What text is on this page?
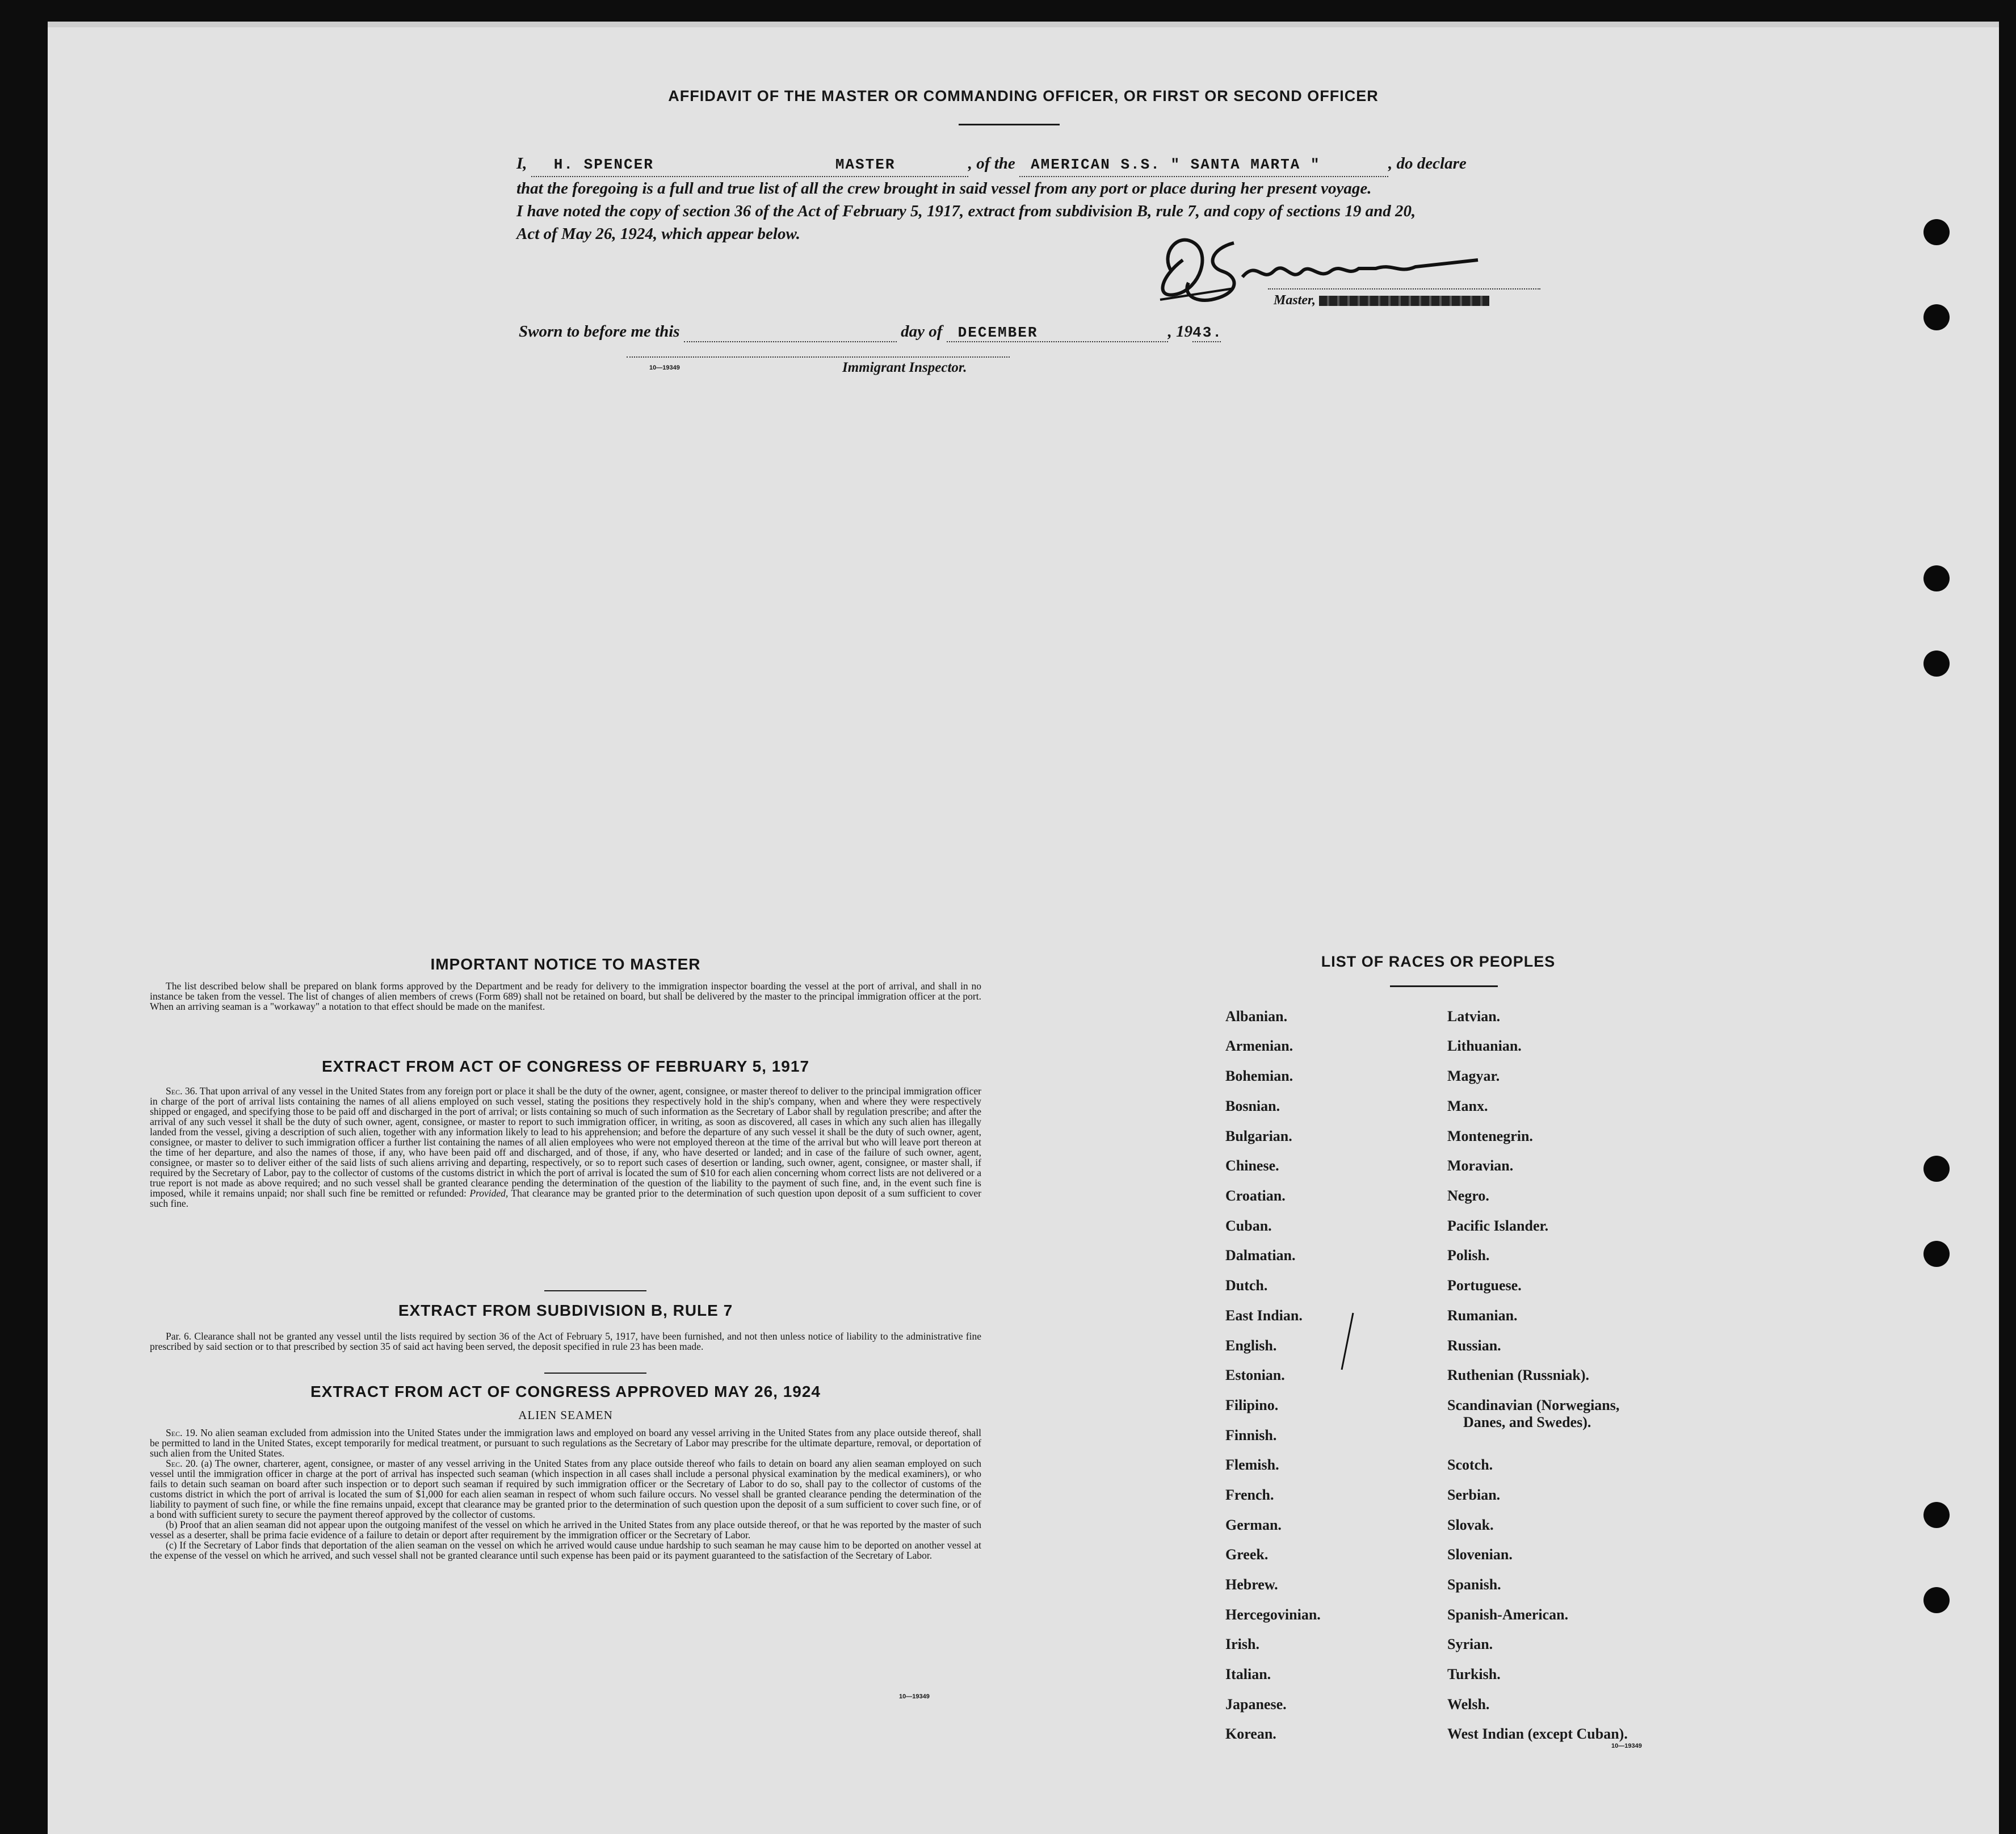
AFFIDAVIT OF THE MASTER OR COMMANDING OFFICER, OR FIRST OR SECOND OFFICER
I, H. SPENCER	MASTER	, of the AMERICAN S.S. " SANTA MARTA "	, do declare
that the foregoing is a full and true list of all the crew brought in said vessel from any port or place during her present voyage.
I have noted the copy of section 36 of the Act of February 5, 1917, extract from subdivision B, rule 7, and copy of sections 19 and 20,
Act of May 26, 1924, which appear below.
Master,
Sworn to before me this	day of DECEMBER	, 1943.
10—19349	Immigrant Inspector.
IMPORTANT NOTICE TO MASTER

The list described below shall be prepared on blank forms approved by the Department and be ready for delivery to the immigration inspector boarding the vessel at the port of arrival, and shall in no instance be taken from the vessel. The list of changes of alien members of crews (Form 689) shall not be retained on board, but shall be delivered by the master to the principal immigration officer at the port. When an arriving seaman is a "workaway" a notation to that effect should be made on the manifest.

EXTRACT FROM ACT OF CONGRESS OF FEBRUARY 5, 1917

Sec. 36. That upon arrival of any vessel in the United States from any foreign port or place it shall be the duty of the owner, agent, consignee, or master thereof to deliver to the principal immigration officer in charge of the port of arrival lists containing the names of all aliens employed on such vessel, stating the positions they respectively hold in the ship's company, when and where they were respectively shipped or engaged, and specifying those to be paid off and discharged in the port of arrival; or lists containing so much of such information as the Secretary of Labor shall by regulation prescribe; and after the arrival of any such vessel it shall be the duty of such owner, agent, consignee, or master to report to such immigration officer, in writing, as soon as discovered, all cases in which any such alien has illegally landed from the vessel, giving a description of such alien, together with any information likely to lead to his apprehension; and before the departure of any such vessel it shall be the duty of such owner, agent, consignee, or master to deliver to such immigration officer a further list containing the names of all alien employees who were not employed thereon at the time of the arrival but who will leave port thereon at the time of her departure, and also the names of those, if any, who have been paid off and discharged, and of those, if any, who have deserted or landed; and in case of the failure of such owner, agent, consignee, or master so to deliver either of the said lists of such aliens arriving and departing, respectively, or so to report such cases of desertion or landing, such owner, agent, consignee, or master shall, if required by the Secretary of Labor, pay to the collector of customs of the customs district in which the port of arrival is located the sum of $10 for each alien concerning whom correct lists are not delivered or a true report is not made as above required; and no such vessel shall be granted clearance pending the determination of the question of the liability to the payment of such fine, and, in the event such fine is imposed, while it remains unpaid; nor shall such fine be remitted or refunded: Provided, That clearance may be granted prior to the determination of such question upon deposit of a sum sufficient to cover such fine.

EXTRACT FROM SUBDIVISION B, RULE 7

Par. 6. Clearance shall not be granted any vessel until the lists required by section 36 of the Act of February 5, 1917, have been furnished, and not then unless notice of liability to the administrative fine prescribed by said section or to that prescribed by section 35 of said act having been served, the deposit specified in rule 23 has been made.

EXTRACT FROM ACT OF CONGRESS APPROVED MAY 26, 1924
ALIEN SEAMEN

Sec. 19. No alien seaman excluded from admission into the United States under the immigration laws and employed on board any vessel arriving in the United States from any place outside thereof, shall be permitted to land in the United States, except temporarily for medical treatment, or pursuant to such regulations as the Secretary of Labor may prescribe for the ultimate departure, removal, or deportation of such alien from the United States.

Sec. 20. (a) The owner, charterer, agent, consignee, or master of any vessel arriving in the United States from any place outside thereof who fails to detain on board any alien seaman employed on such vessel until the immigration officer in charge at the port of arrival has inspected such seaman (which inspection in all cases shall include a personal physical examination by the medical examiners), or who fails to detain such seaman on board after such inspection or to deport such seaman if required by such immigration officer or the Secretary of Labor to do so, shall pay to the collector of customs of the customs district in which the port of arrival is located the sum of $1,000 for each alien seaman in respect of whom such failure occurs. No vessel shall be granted clearance pending the determination of the liability to payment of such fine, or while the fine remains unpaid, except that clearance may be granted prior to the determination of such question upon the deposit of a sum sufficient to cover such fine, or of a bond with sufficient surety to secure the payment thereof approved by the collector of customs.

(b) Proof that an alien seaman did not appear upon the outgoing manifest of the vessel on which he arrived in the United States from any place outside thereof, or that he was reported by the master of such vessel as a deserter, shall be prima facie evidence of a failure to detain or deport after requirement by the immigration officer or the Secretary of Labor.

(c) If the Secretary of Labor finds that deportation of the alien seaman on the vessel on which he arrived would cause undue hardship to such seaman he may cause him to be deported on another vessel at the expense of the vessel on which he arrived, and such vessel shall not be granted clearance until such expense has been paid or its payment guaranteed to the satisfaction of the Secretary of Labor.

10—19349
LIST OF RACES OR PEOPLES
Albanian.
Armenian.
Bohemian.
Bosnian.
Bulgarian.
Chinese.
Croatian.
Cuban.
Dalmatian.
Dutch.
East Indian.
English.
Estonian.
Filipino.
Finnish.
Flemish.
French.
German.
Greek.
Hebrew.
Hercegovinian.
Irish.
Italian.
Japanese.
Korean.
Latvian.
Lithuanian.
Magyar.
Manx.
Montenegrin.
Moravian.
Negro.
Pacific Islander.
Polish.
Portuguese.
Rumanian.
Russian.
Ruthenian (Russniak).
Scandinavian (Norwegians,
Danes, and Swedes).
Scotch.
Serbian.
Slovak.
Slovenian.
Spanish.
Spanish-American.
Syrian.
Turkish.
Welsh.
West Indian (except Cuban).
10—19349
